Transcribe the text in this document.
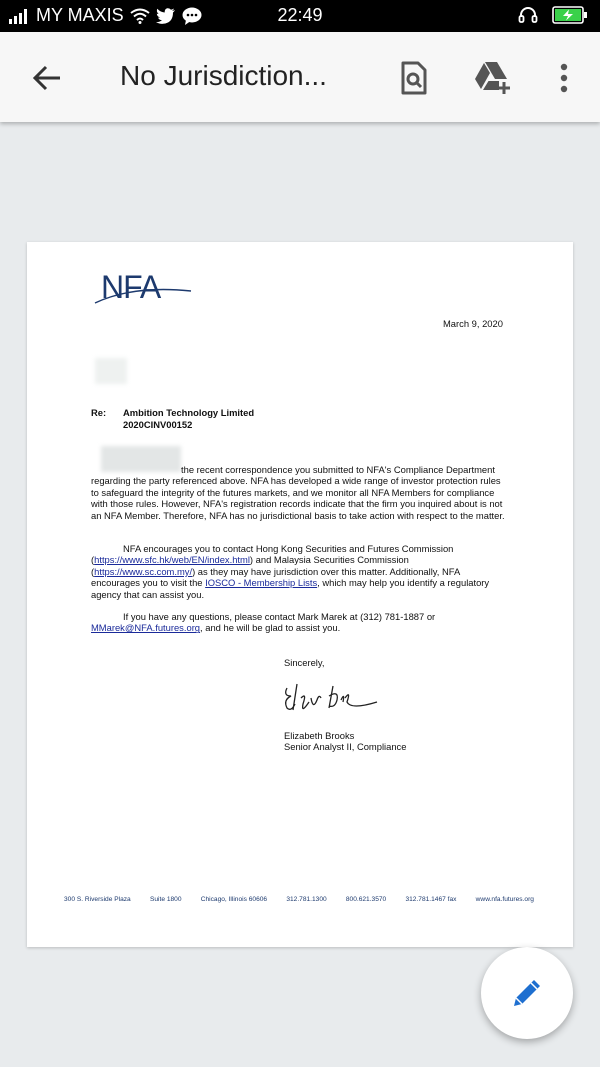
MY MAXIS	22:49
No Jurisdiction...
NFA
March 9, 2020
Re: Ambition Technology Limited
2020CINV00152

the recent correspondence you submitted to NFA's Compliance Department regarding the party referenced above. NFA has developed a wide range of investor protection rules to safeguard the integrity of the futures markets, and we monitor all NFA Members for compliance with those rules. However, NFA's registration records indicate that the firm you inquired about is not an NFA Member. Therefore, NFA has no jurisdictional basis to take action with respect to the matter.

NFA encourages you to contact Hong Kong Securities and Futures Commission (https://www.sfc.hk/web/EN/index.html) and Malaysia Securities Commission (https://www.sc.com.my/) as they may have jurisdiction over this matter. Additionally, NFA encourages you to visit the IOSCO - Membership Lists, which may help you identify a regulatory agency that can assist you.

If you have any questions, please contact Mark Marek at (312) 781-1887 or MMarek@NFA.futures.org, and he will be glad to assist you.

Sincerely,
Elizabeth Brooks
Senior Analyst II, Compliance
300 S. Riverside Plaza	Suite 1800	Chicago, Illinois 60606	312.781.1300	800.621.3570	312.781.1467 fax	www.nfa.futures.org
